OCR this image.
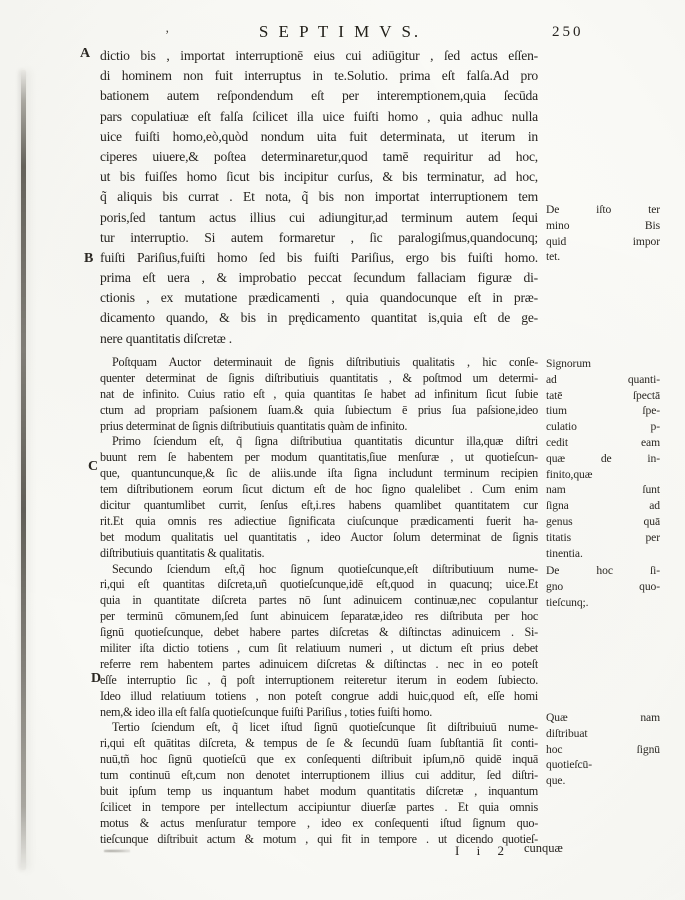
’	S E P T I M V S.	250
A
B
C
D
dictio bis , importat interruptionē eius cui adiūgitur , ſed actus eſſen-
di hominem non fuit interruptus in te.Solutio. prima eſt falſa.Ad pro
bationem autem reſpondendum eſt per interemptionem,quia ſecūda
pars copulatiuæ eſt falſa ſcilicet illa uice fuiſti homo , quia adhuc nulla
uice fuiſti homo,eò,quòd nondum uita fuit determinata, ut iterum in
ciperes uiuere,& poſtea determinaretur,quod tamē requiritur ad hoc,
ut bis fuiſſes homo ſicut bis incipitur curſus, & bis terminatur, ad hoc,
q̃ aliquis bis currat . Et nota, q̃ bis non importat interruptionem tem
poris,ſed tantum actus illius cui adiungitur,ad terminum autem ſequi
tur interruptio. Si autem formaretur , ſic paralogiſmus,quandocunq;
fuiſti Pariſius,fuiſti homo ſed bis fuiſti Pariſius, ergo bis fuiſti homo.
prima eſt uera , & improbatio peccat ſecundum fallaciam figuræ di-
ctionis , ex mutatione prædicamenti , quia quandocunque eſt in præ-
dicamento quando, & bis in prędicamento quantitat is,quia eſt de ge-
nere quantitatis diſcretæ .
Poſtquam Auctor determinauit de ſignis diſtributiuis qualitatis , hic conſe-
quenter determinat de ſignis diſtributiuis quantitatis , & poſtmod um determi-
nat de infinito. Cuius ratio eſt , quia quantitas ſe habet ad infinitum ſicut ſubie
ctum ad propriam paſsionem ſuam.& quia ſubiectum ē prius ſua paſsione,ideo
prius determinat de ſignis diſtributiuis quantitatis quàm de infinito.
Primo ſciendum eſt, q̃ ſigna diſtributiua quantitatis dicuntur illa,quæ diſtri
buunt rem ſe habentem per modum quantitatis,ſiue menſuræ , ut quotieſcun-
que, quantuncunque,& ſic de aliis.unde iſta ſigna includunt terminum recipien
tem diſtributionem eorum ſicut dictum eſt de hoc ſigno qualelibet . Cum enim
dicitur quantumlibet currit, ſenſus eſt,i.res habens quamlibet quantitatem cur
rit.Et quia omnis res adiectiue ſignificata ciuſcunque prædicamenti fuerit ha-
bet modum qualitatis uel quantitatis , ideo Auctor ſolum determinat de ſignis
diſtributiuis quantitatis & qualitatis.
Secundo ſciendum eſt,q̃ hoc ſignum quotieſcunque,eſt diſtributiuum nume-
ri,qui eſt quantitas diſcreta,uñ quotieſcunque,idē eſt,quod in quacunq; uice.Et
quia in quantitate diſcreta partes nō ſunt adinuicem continuæ,nec copulantur
per terminū cōmunem,ſed ſunt abinuicem ſeparatæ,ideo res diſtributa per hoc
ſignū quotieſcunque, debet habere partes diſcretas & diſtinctas adinuicem . Si-
militer iſta dictio totiens , cum ſit relatiuum numeri , ut dictum eſt prius debet
referre rem habentem partes adinuicem diſcretas & diſtinctas . nec in eo poteſt
eſſe interruptio ſic , q̃ poſt interruptionem reiteretur iterum in eodem ſubiecto.
Ideo illud relatiuum totiens , non poteſt congrue addi huic,quod eſt, eſſe homi
nem,& ideo illa eſt falſa quotieſcunque fuiſti Pariſius , toties fuiſti homo.
Tertio ſciendum eſt, q̃ licet iſtud ſignū quotieſcunque ſit diſtribuiuū nume-
ri,qui eſt quātitas diſcreta, & tempus de ſe & ſecundū ſuam ſubſtantiā ſit conti-
nuū,tñ hoc ſignū quotieſcū que ex conſequenti diſtribuit ipſum,nō quidē inquā
tum continuū eſt,cum non denotet interruptionem illius cui additur, ſed diſtri-
buit ipſum temp us inquantum habet modum quantitatis diſcretæ , inquantum
ſcilicet in tempore per intellectum accipiuntur diuerſæ partes . Et quia omnis
motus & actus menſuratur tempore , ideo ex conſequenti iſtud ſignum quo-
tieſcunque diſtribuit actum & motum , qui fit in tempore . ut dicendo quotieſ-
De iſto ter
mino Bis
quid impor
tet.
Signorum
ad quanti-
tatē ſpectā
tium ſpe-
culatio p-
cedit eam
quæ de in-
finito,quæ
nam ſunt
ſigna ad
genus quā
titatis per
tinentia.
De hoc ſi-
gno quo-
tieſcunq;.
Quæ nam
diſtribuat
hoc ſignū
quotieſcū-
que.
I i 2 cunquæ
